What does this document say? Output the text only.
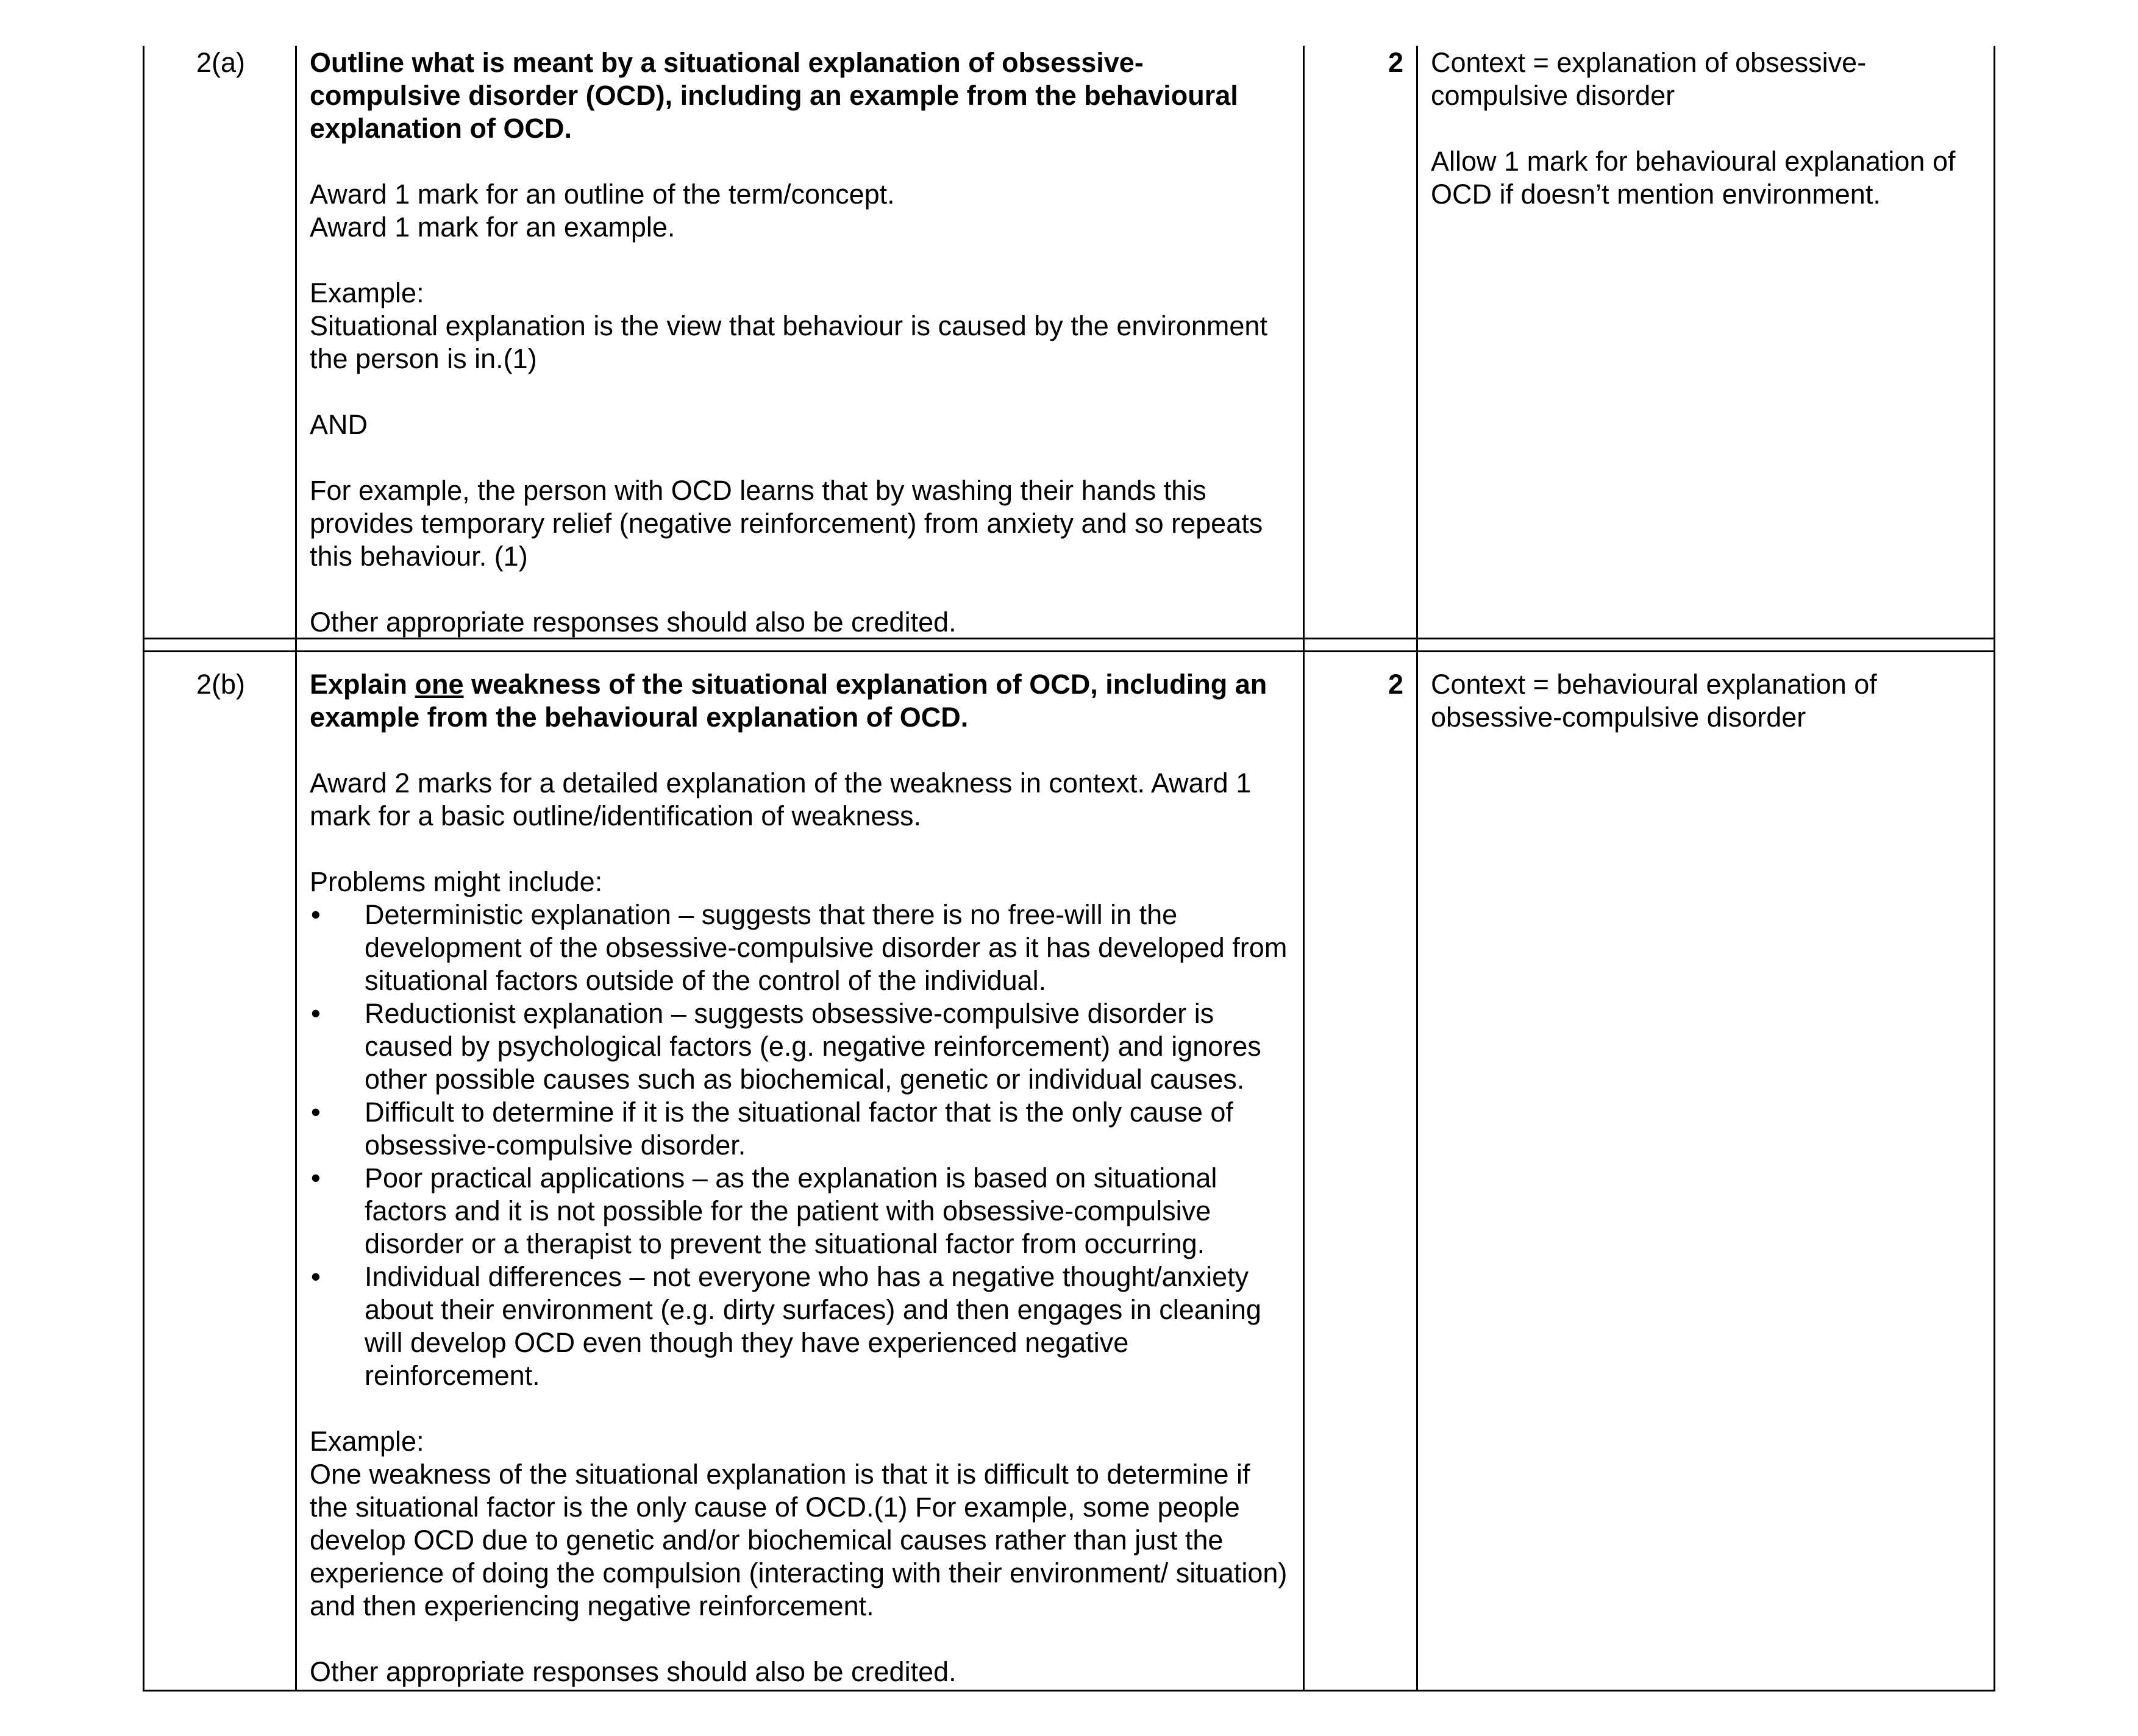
2(a) Outline what is meant by a situational explanation of obsessive-compulsive disorder (OCD), including an example from the behavioural explanation of OCD.
Award 1 mark for an outline of the term/concept.
Award 1 mark for an example.
Example:
Situational explanation is the view that behaviour is caused by the environment the person is in.(1)
AND
For example, the person with OCD learns that by washing their hands this provides temporary relief (negative reinforcement) from anxiety and so repeats this behaviour. (1)
Other appropriate responses should also be credited.
2 Context = explanation of obsessive-compulsive disorder
Allow 1 mark for behavioural explanation of OCD if doesn’t mention environment.
2(b) Explain one weakness of the situational explanation of OCD, including an example from the behavioural explanation of OCD.
Award 2 marks for a detailed explanation of the weakness in context. Award 1 mark for a basic outline/identification of weakness.
Problems might include:
• Deterministic explanation – suggests that there is no free-will in the development of the obsessive-compulsive disorder as it has developed from situational factors outside of the control of the individual.
• Reductionist explanation – suggests obsessive-compulsive disorder is caused by psychological factors (e.g. negative reinforcement) and ignores other possible causes such as biochemical, genetic or individual causes.
• Difficult to determine if it is the situational factor that is the only cause of obsessive-compulsive disorder.
• Poor practical applications – as the explanation is based on situational factors and it is not possible for the patient with obsessive-compulsive disorder or a therapist to prevent the situational factor from occurring.
• Individual differences – not everyone who has a negative thought/anxiety about their environment (e.g. dirty surfaces) and then engages in cleaning will develop OCD even though they have experienced negative reinforcement.
Example:
One weakness of the situational explanation is that it is difficult to determine if the situational factor is the only cause of OCD.(1) For example, some people develop OCD due to genetic and/or biochemical causes rather than just the experience of doing the compulsion (interacting with their environment/ situation) and then experiencing negative reinforcement.
Other appropriate responses should also be credited.
2 Context = behavioural explanation of obsessive-compulsive disorder
